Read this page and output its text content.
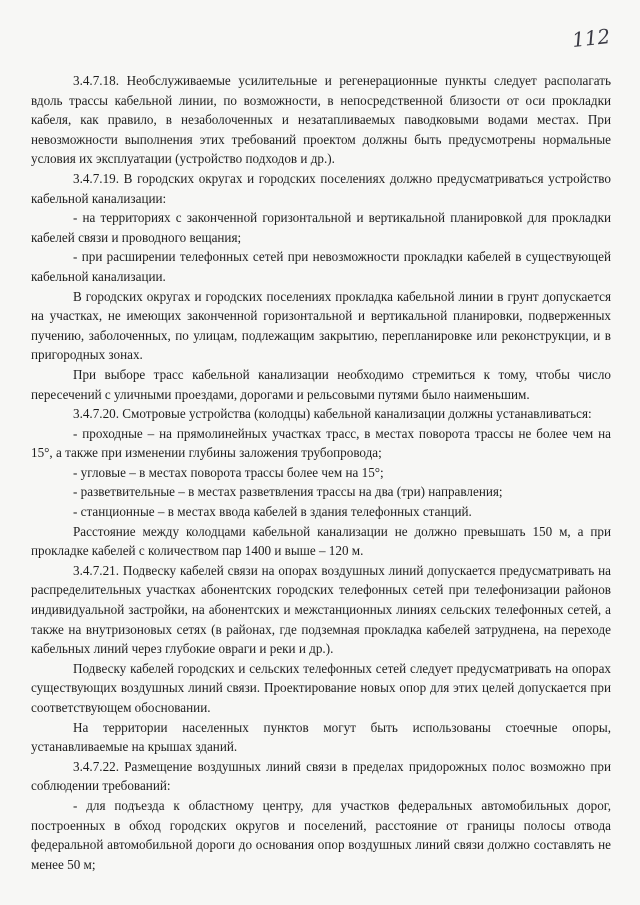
112

3.4.7.18. Необслуживаемые усилительные и регенерационные пункты следует располагать вдоль трассы кабельной линии, по возможности, в непосредственной близости от оси прокладки кабеля, как правило, в незаболоченных и незатапливаемых паводковыми водами местах. При невозможности выполнения этих требований проектом должны быть предусмотрены нормальные условия их эксплуатации (устройство подходов и др.).

3.4.7.19. В городских округах и городских поселениях должно предусматриваться устройство кабельной канализации:

- на территориях с законченной горизонтальной и вертикальной планировкой для прокладки кабелей связи и проводного вещания;

- при расширении телефонных сетей при невозможности прокладки кабелей в существующей кабельной канализации.

В городских округах и городских поселениях прокладка кабельной линии в грунт допускается на участках, не имеющих законченной горизонтальной и вертикальной планировки, подверженных пучению, заболоченных, по улицам, подлежащим закрытию, перепланировке или реконструкции, и в пригородных зонах.

При выборе трасс кабельной канализации необходимо стремиться к тому, чтобы число пересечений с уличными проездами, дорогами и рельсовыми путями было наименьшим.

3.4.7.20. Смотровые устройства (колодцы) кабельной канализации должны устанавливаться:

- проходные – на прямолинейных участках трасс, в местах поворота трассы не более чем на 15°, а также при изменении глубины заложения трубопровода;

- угловые – в местах поворота трассы более чем на 15°;

- разветвительные – в местах разветвления трассы на два (три) направления;

- станционные – в местах ввода кабелей в здания телефонных станций.

Расстояние между колодцами кабельной канализации не должно превышать 150 м, а при прокладке кабелей с количеством пар 1400 и выше – 120 м.

3.4.7.21. Подвеску кабелей связи на опорах воздушных линий допускается предусматривать на распределительных участках абонентских городских телефонных сетей при телефонизации районов индивидуальной застройки, на абонентских и межстанционных линиях сельских телефонных сетей, а также на внутризоновых сетях (в районах, где подземная прокладка кабелей затруднена, на переходе кабельных линий через глубокие овраги и реки и др.).

Подвеску кабелей городских и сельских телефонных сетей следует предусматривать на опорах существующих воздушных линий связи. Проектирование новых опор для этих целей допускается при соответствующем обосновании.

На территории населенных пунктов могут быть использованы стоечные опоры, устанавливаемые на крышах зданий.

3.4.7.22. Размещение воздушных линий связи в пределах придорожных полос возможно при соблюдении требований:

- для подъезда к областному центру, для участков федеральных автомобильных дорог, построенных в обход городских округов и поселений, расстояние от границы полосы отвода федеральной автомобильной дороги до основания опор воздушных линий связи должно составлять не менее 50 м;
